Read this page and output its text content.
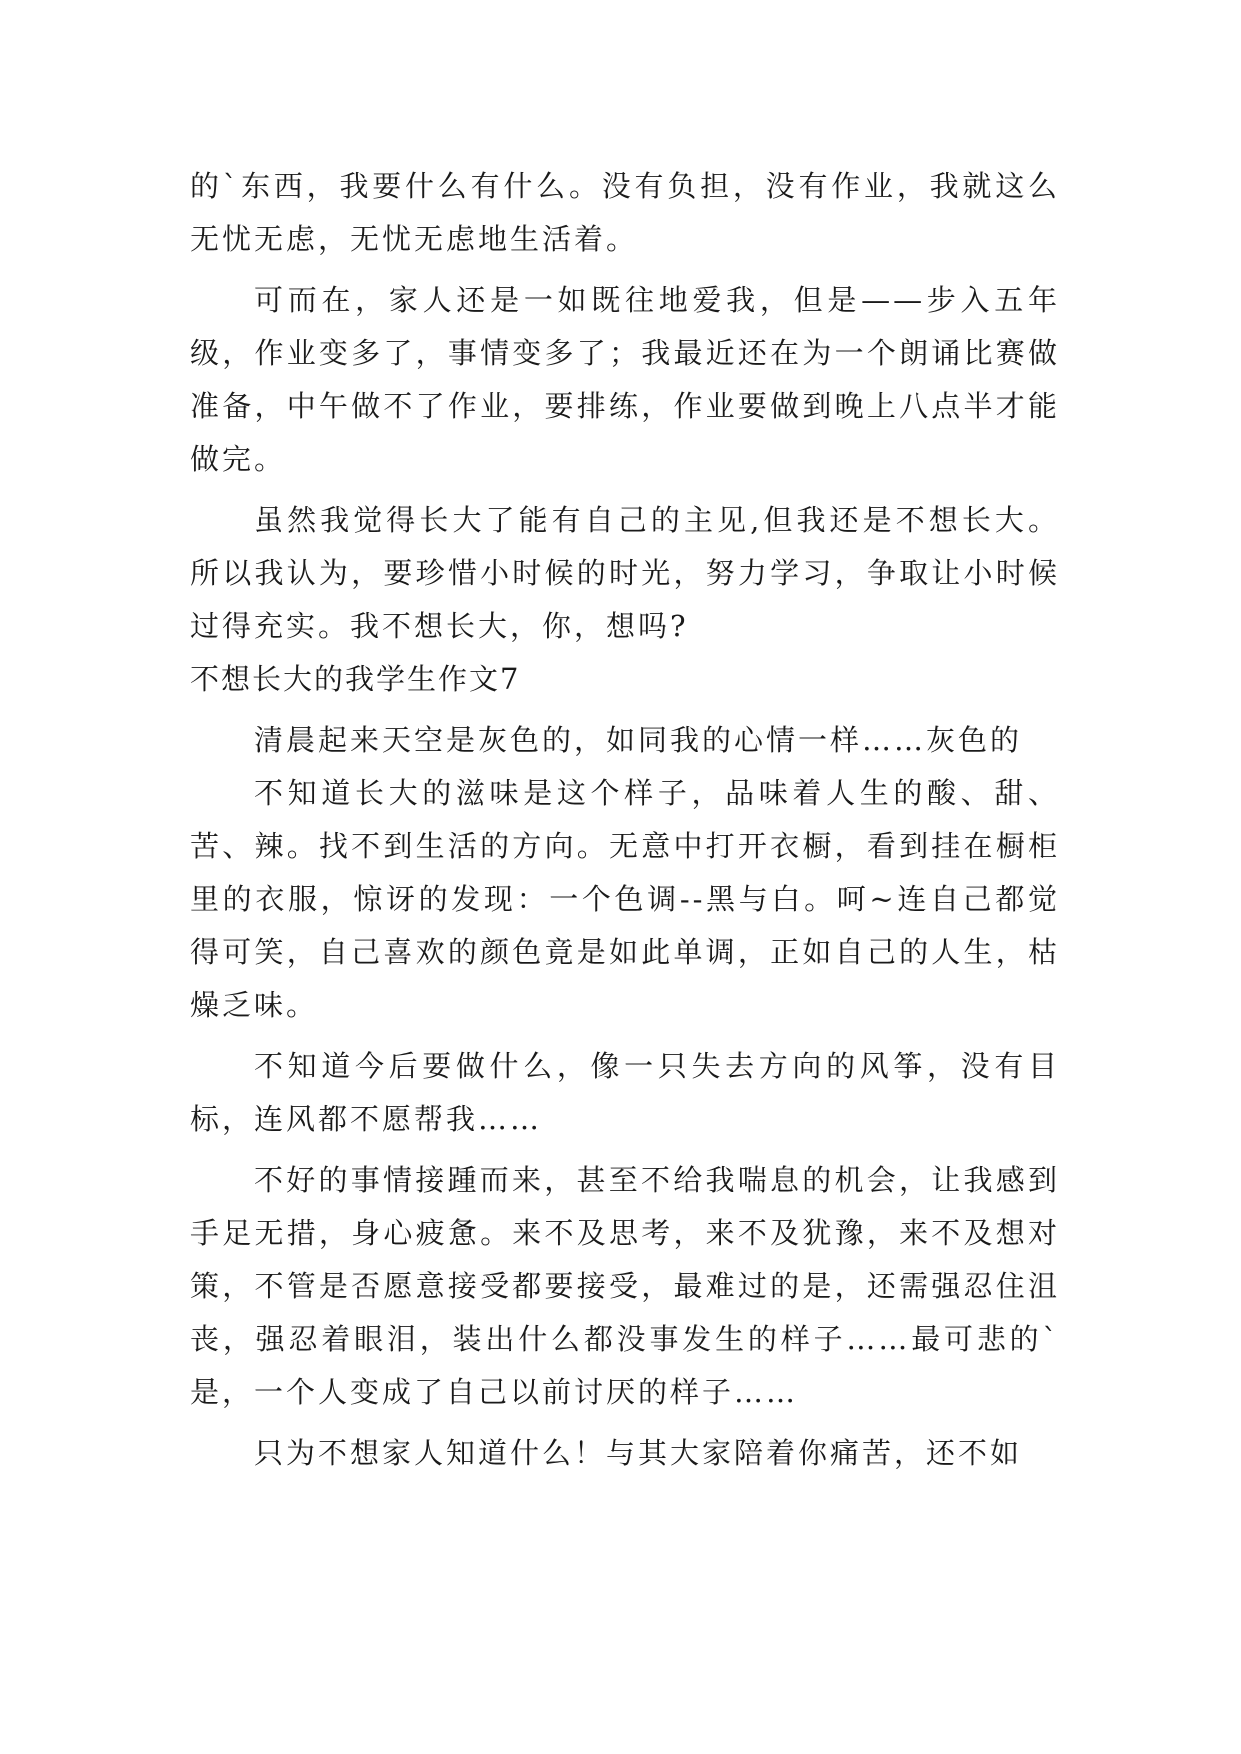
的`东西，我要什么有什么。没有负担，没有作业，我就这么无忧无虑，无忧无虑地生活着。

可而在，家人还是一如既往地爱我，但是——步入五年级，作业变多了，事情变多了；我最近还在为一个朗诵比赛做准备，中午做不了作业，要排练，作业要做到晚上八点半才能做完。

虽然我觉得长大了能有自己的主见,但我还是不想长大。所以我认为，要珍惜小时候的时光，努力学习，争取让小时候过得充实。我不想长大，你，想吗?

不想长大的我学生作文7

清晨起来天空是灰色的，如同我的心情一样……灰色的

不知道长大的滋味是这个样子，品味着人生的酸、甜、苦、辣。找不到生活的方向。无意中打开衣橱，看到挂在橱柜里的衣服，惊讶的发现：一个色调--黑与白。呵~连自己都觉得可笑，自己喜欢的颜色竟是如此单调，正如自己的人生，枯燥乏味。

不知道今后要做什么，像一只失去方向的风筝，没有目标，连风都不愿帮我……

不好的事情接踵而来，甚至不给我喘息的机会，让我感到手足无措，身心疲惫。来不及思考，来不及犹豫，来不及想对策，不管是否愿意接受都要接受，最难过的是，还需强忍住沮丧，强忍着眼泪，装出什么都没事发生的样子……最可悲的`是，一个人变成了自己以前讨厌的样子……

只为不想家人知道什么！与其大家陪着你痛苦，还不如
